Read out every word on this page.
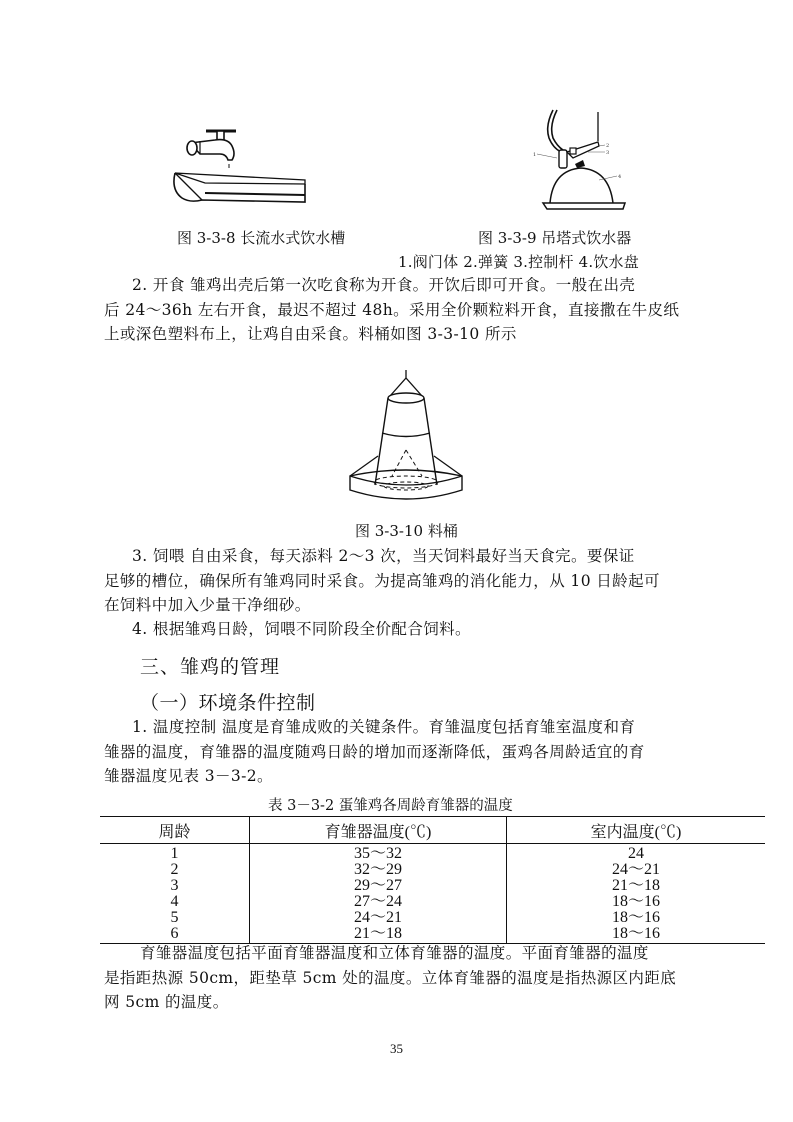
图 3-3-8 长流水式饮水槽
1
2
3
4
图 3-3-9 吊塔式饮水器
1.阀门体 2.弹簧 3.控制杆 4.饮水盘
2. 开食 雏鸡出壳后第一次吃食称为开食。开饮后即可开食。一般在出壳
后 24～36h 左右开食，最迟不超过 48h。采用全价颗粒料开食，直接撒在牛皮纸
上或深色塑料布上，让鸡自由采食。料桶如图 3-3-10 所示
图 3-3-10 料桶
3. 饲喂 自由采食，每天添料 2～3 次，当天饲料最好当天食完。要保证
足够的槽位，确保所有雏鸡同时采食。为提高雏鸡的消化能力，从 10 日龄起可
在饲料中加入少量干净细砂。
4. 根据雏鸡日龄，饲喂不同阶段全价配合饲料。
三、雏鸡的管理
（一）环境条件控制
1. 温度控制 温度是育雏成败的关键条件。育雏温度包括育雏室温度和育
雏器的温度，育雏器的温度随鸡日龄的增加而逐渐降低，蛋鸡各周龄适宜的育
雏器温度见表 3－3-2。
表 3－3-2 蛋雏鸡各周龄育雏器的温度
周龄	育雏器温度(℃)	室内温度(℃)
1	35～32	24
2	32～29	24～21
3	29～27	21～18
4	27～24	18～16
5	24～21	18～16
6	21～18	18～16
育雏器温度包括平面育雏器温度和立体育雏器的温度。平面育雏器的温度
是指距热源 50cm，距垫草 5cm 处的温度。立体育雏器的温度是指热源区内距底
网 5cm 的温度。
35
